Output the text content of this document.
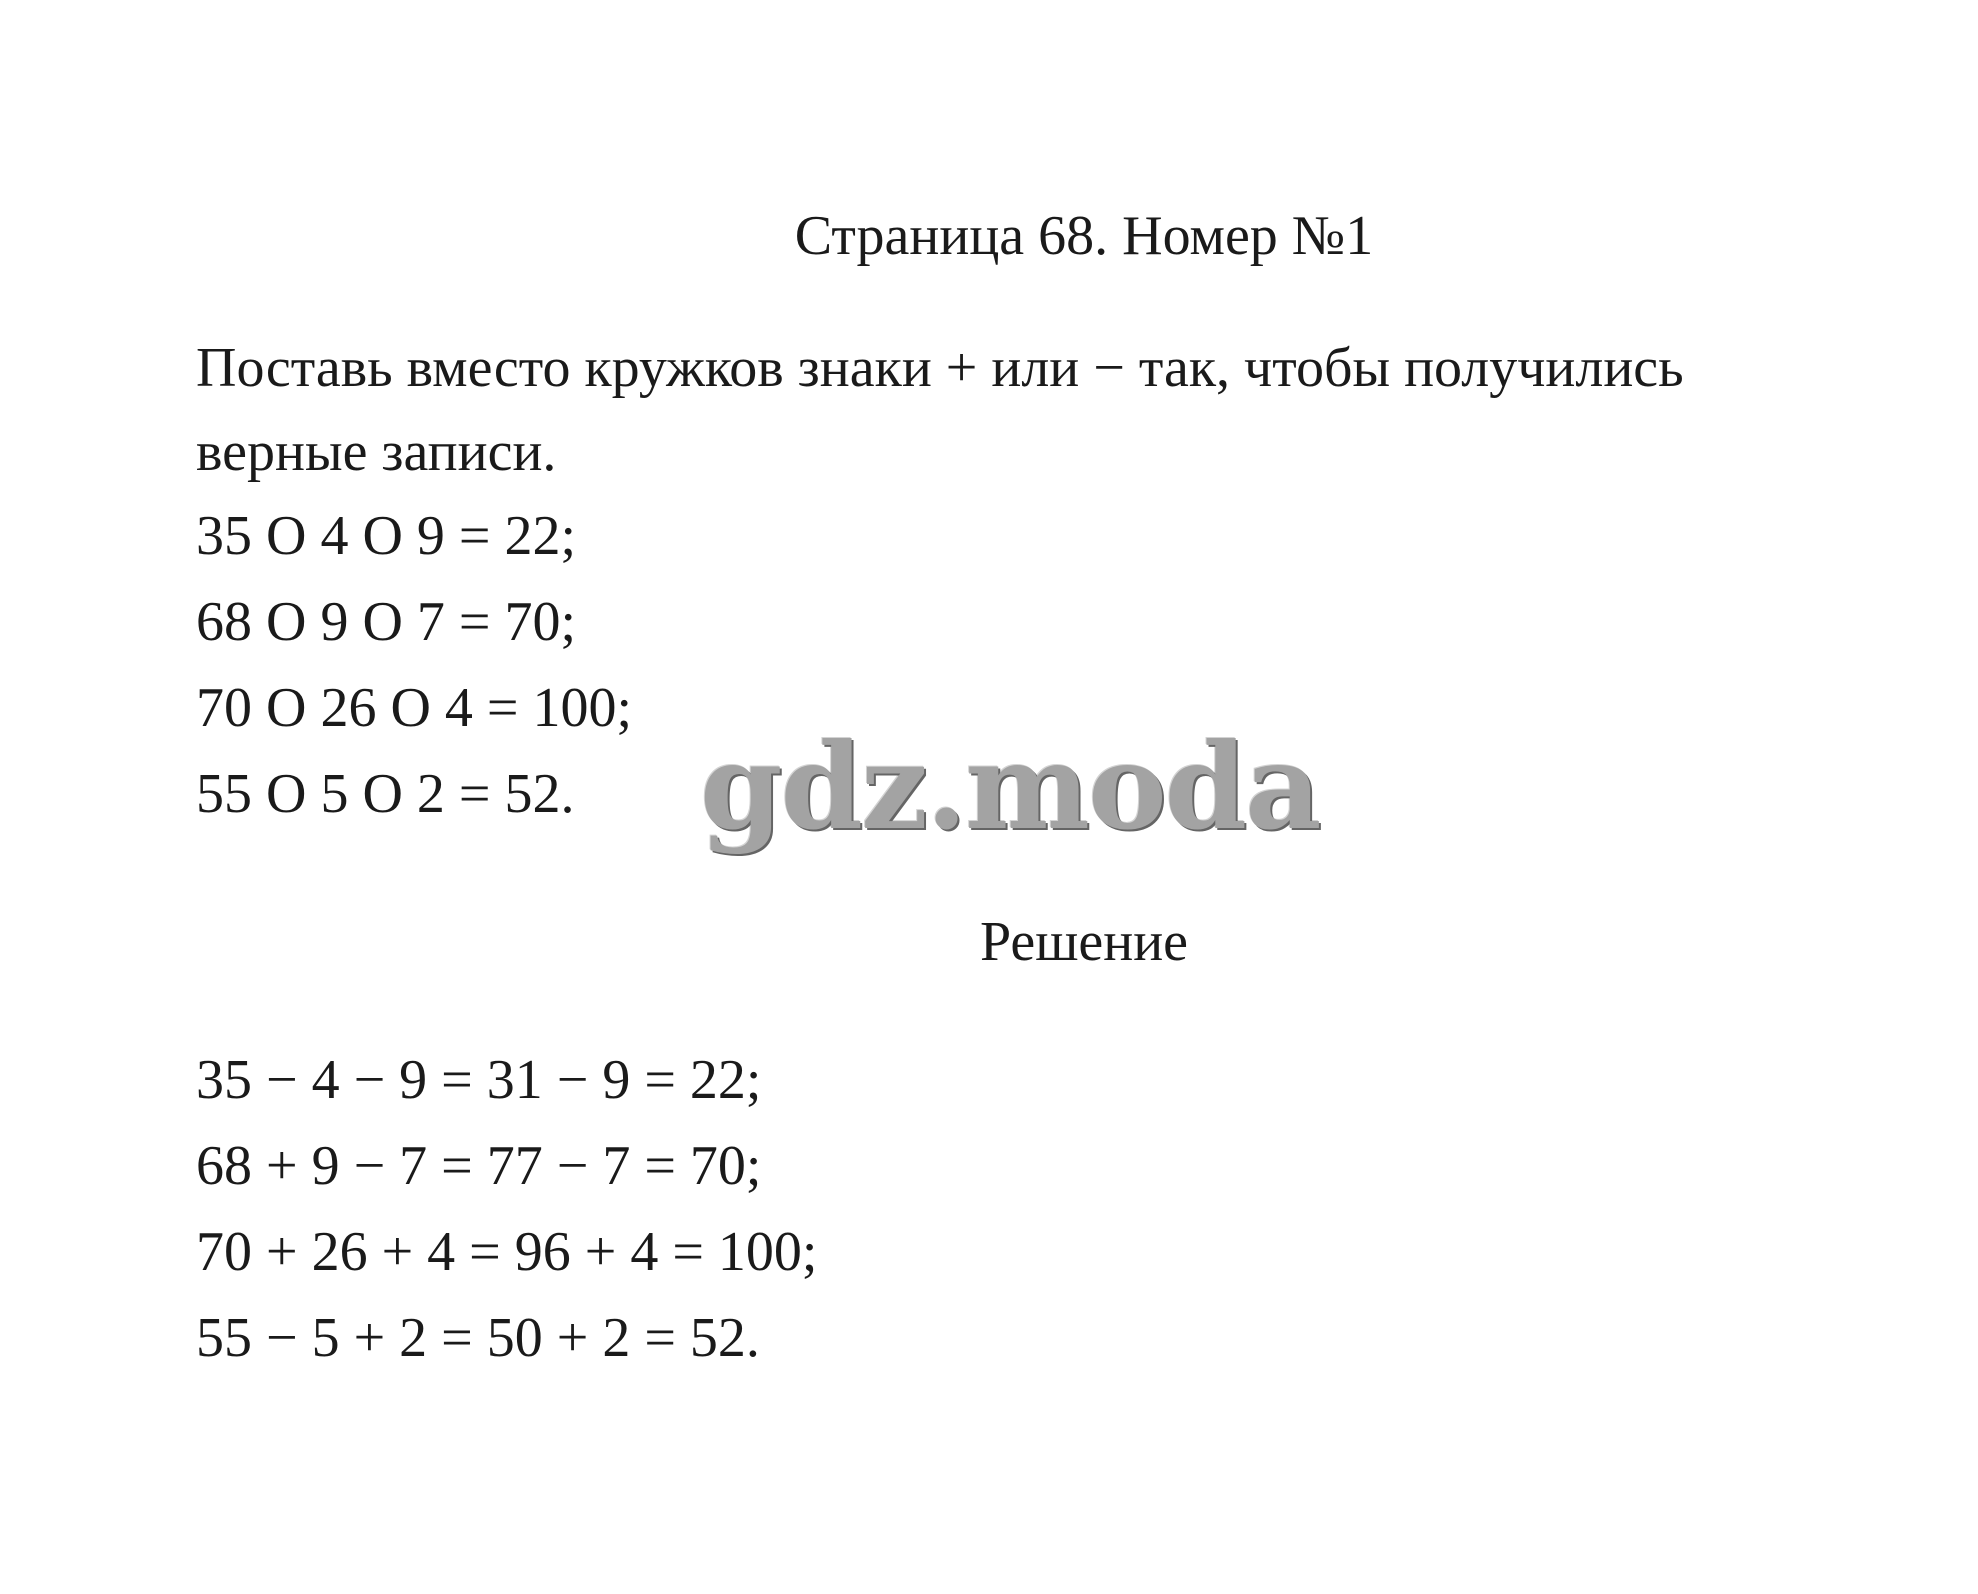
Страница 68. Номер №1

Поставь вместо кружков знаки + или − так, чтобы получились

верные записи.

35 O 4 O 9 = 22;
68 O 9 O 7 = 70;
70 O 26 O 4 = 100;
55 O 5 O 2 = 52. gdz.moda
Решение
35 − 4 − 9 = 31 − 9 = 22;
68 + 9 − 7 = 77 − 7 = 70;
70 + 26 + 4 = 96 + 4 = 100;
55 − 5 + 2 = 50 + 2 = 52.
